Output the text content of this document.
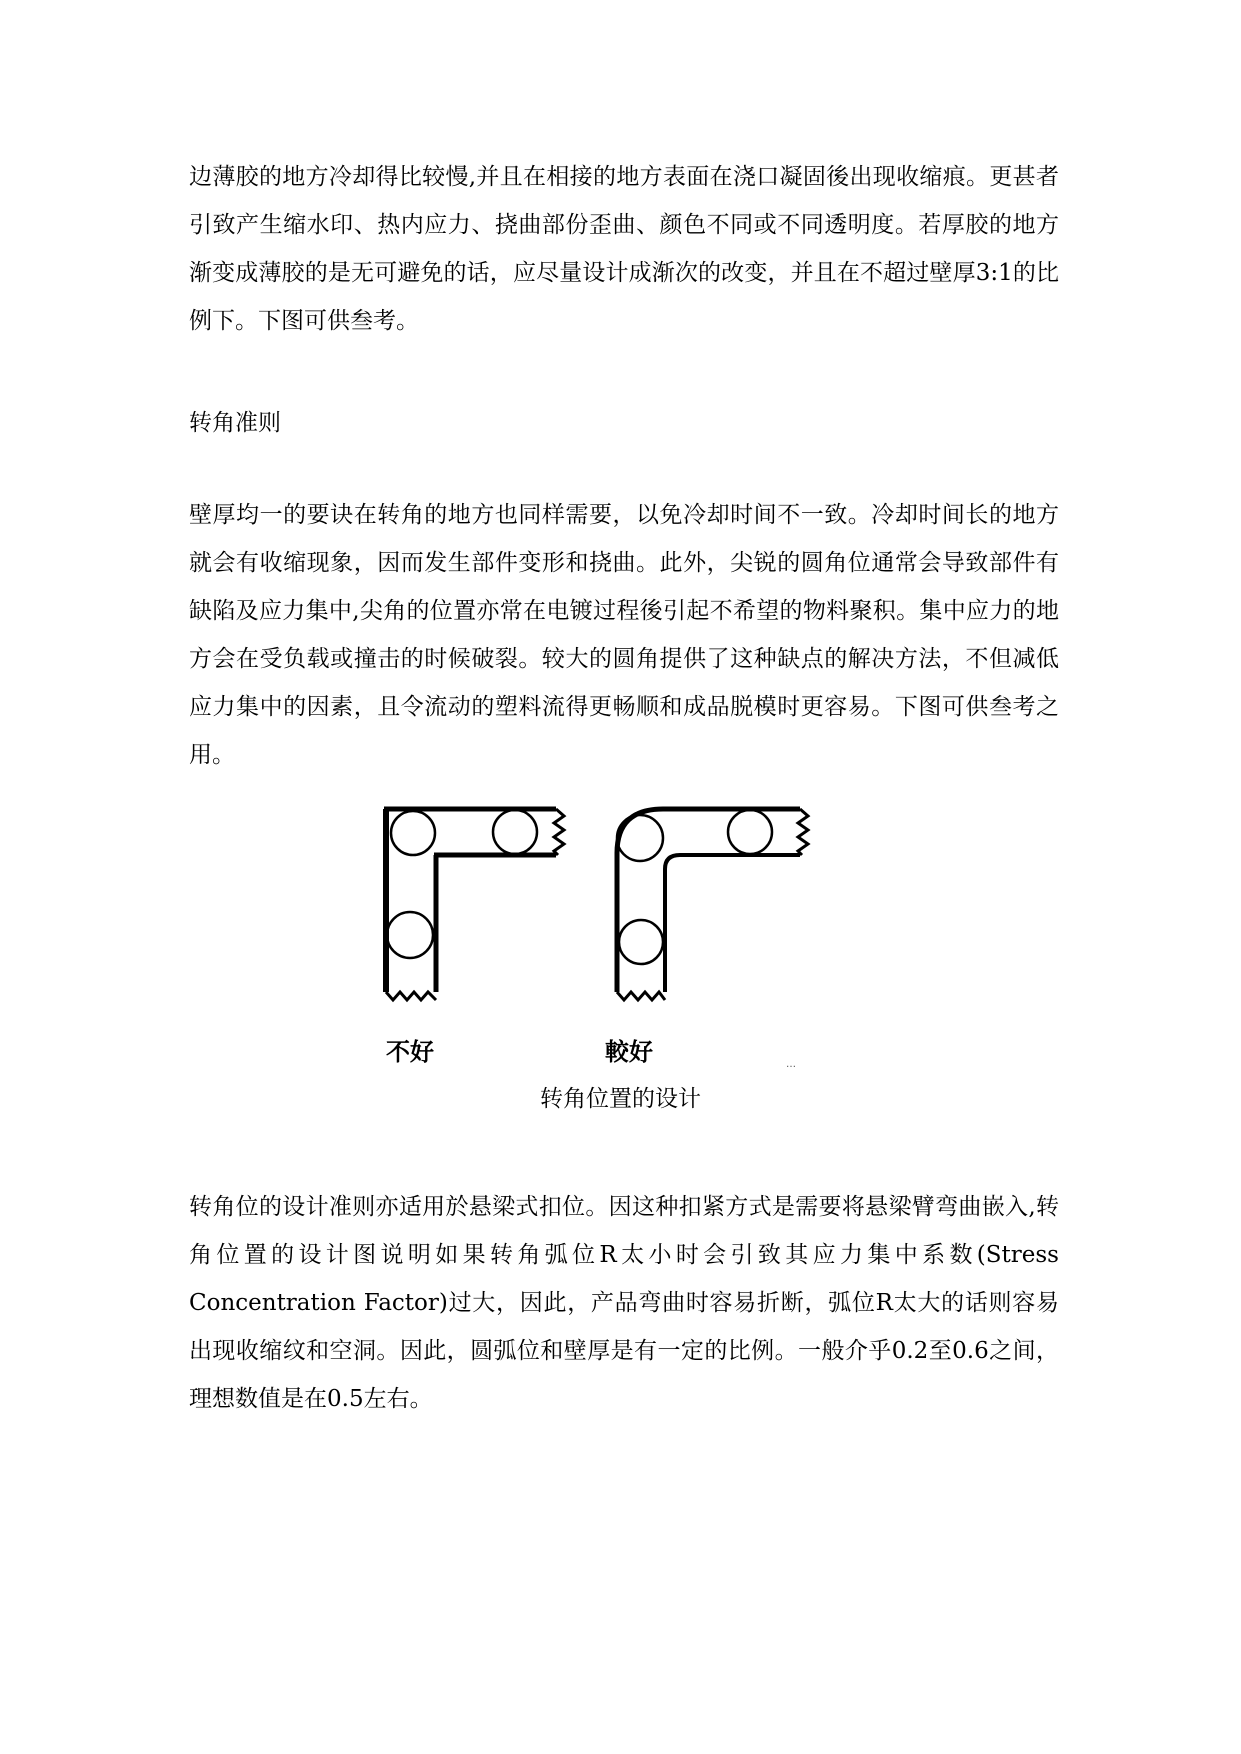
边薄胶的地方冷却得比较慢,并且在相接的地方表面在浇口凝固後出现收缩痕。更甚者引致产生缩水印、热内应力、挠曲部份歪曲、颜色不同或不同透明度。若厚胶的地方渐变成薄胶的是无可避免的话，应尽量设计成渐次的改变，并且在不超过壁厚3:1的比例下。下图可供叁考。
转角准则
壁厚均一的要诀在转角的地方也同样需要，以免冷却时间不一致。冷却时间长的地方就会有收缩现象，因而发生部件变形和挠曲。此外，尖锐的圆角位通常会导致部件有缺陷及应力集中,尖角的位置亦常在电镀过程後引起不希望的物料聚积。集中应力的地方会在受负载或撞击的时候破裂。较大的圆角提供了这种缺点的解决方法，不但减低应力集中的因素，且令流动的塑料流得更畅顺和成品脱模时更容易。下图可供叁考之用。
不好	較好	…
转角位置的设计
转角位的设计准则亦适用於悬梁式扣位。因这种扣紧方式是需要将悬梁臂弯曲嵌入,转角位置的设计图说明如果转角弧位R太小时会引致其应力集中系数(Stress Concentration Factor)过大，因此，产品弯曲时容易折断，弧位R太大的话则容易出现收缩纹和空洞。因此，圆弧位和壁厚是有一定的比例。一般介乎0.2至0.6之间，理想数值是在0.5左右。
